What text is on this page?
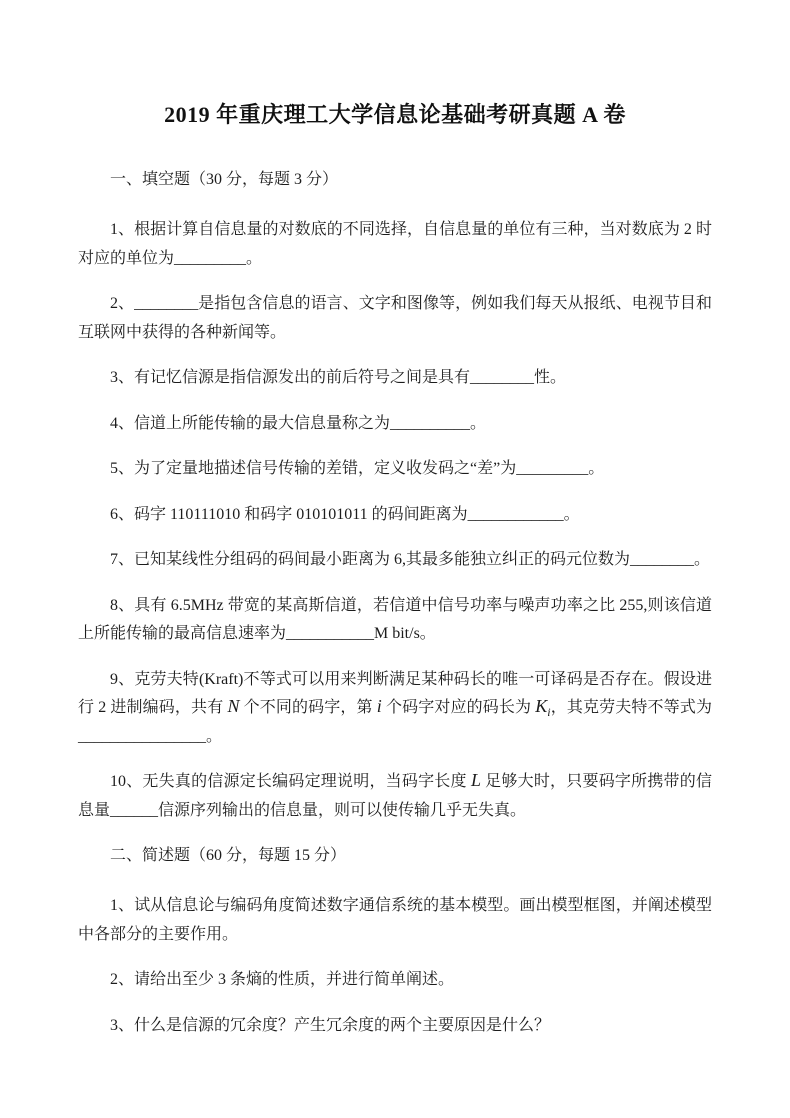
2019 年重庆理工大学信息论基础考研真题 A 卷
一、填空题（30 分，每题 3 分）

1、根据计算自信息量的对数底的不同选择，自信息量的单位有三种，当对数底为 2 时对应的单位为_________。

2、________是指包含信息的语言、文字和图像等，例如我们每天从报纸、电视节目和互联网中获得的各种新闻等。

3、有记忆信源是指信源发出的前后符号之间是具有________性。

4、信道上所能传输的最大信息量称之为__________。

5、为了定量地描述信号传输的差错，定义收发码之“差”为_________。

6、码字 110111010 和码字 010101011 的码间距离为____________。

7、已知某线性分组码的码间最小距离为 6,其最多能独立纠正的码元位数为________。

8、具有 6.5MHz 带宽的某高斯信道，若信道中信号功率与噪声功率之比 255,则该信道上所能传输的最高信息速率为___________M bit/s。

9、克劳夫特(Kraft)不等式可以用来判断满足某种码长的唯一可译码是否存在。假设进行 2 进制编码，共有 N 个不同的码字，第 i 个码字对应的码长为 $K_i$，其克劳夫特不等式为________________。

10、无失真的信源定长编码定理说明，当码字长度 L 足够大时，只要码字所携带的信息量______信源序列输出的信息量，则可以使传输几乎无失真。

二、简述题（60 分，每题 15 分）

1、试从信息论与编码角度简述数字通信系统的基本模型。画出模型框图，并阐述模型中各部分的主要作用。

2、请给出至少 3 条熵的性质，并进行简单阐述。

3、什么是信源的冗余度？产生冗余度的两个主要原因是什么？
